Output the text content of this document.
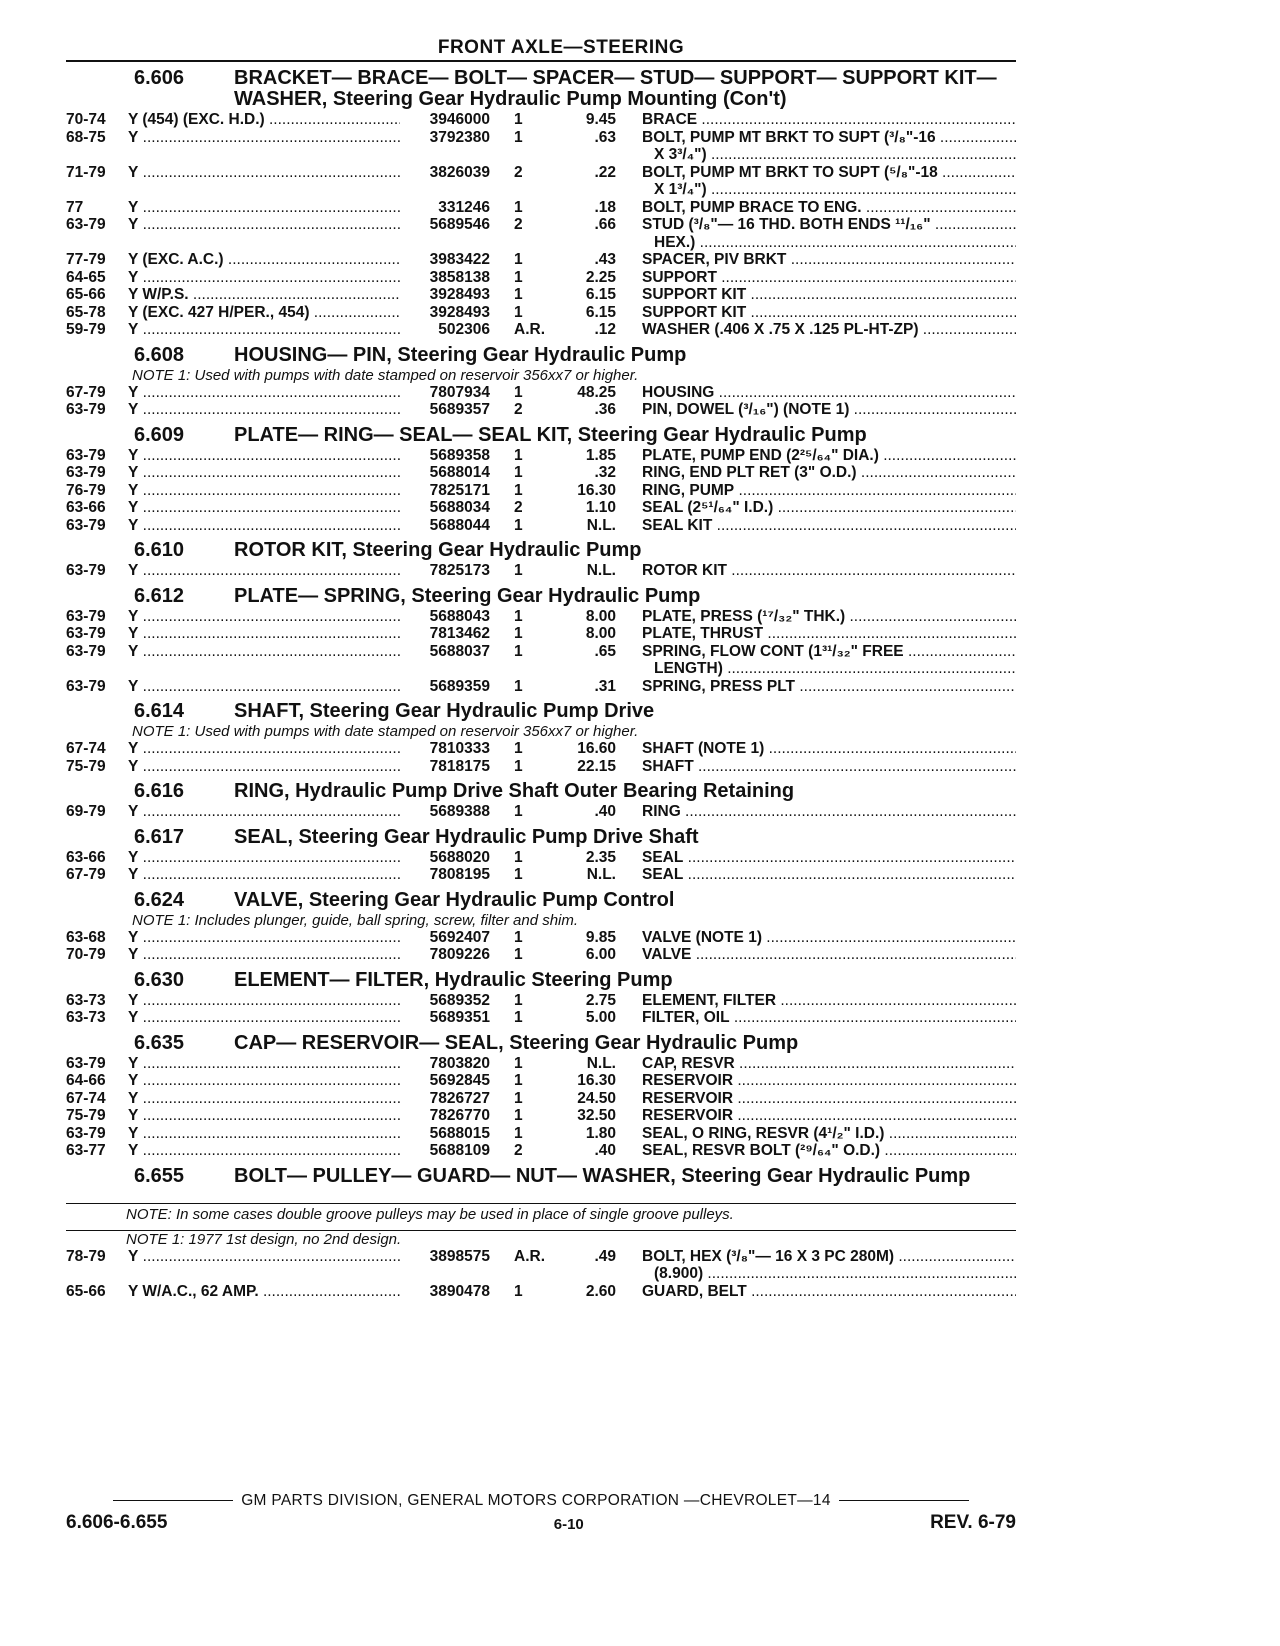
FRONT AXLE—STEERING
6.606	BRACKET— BRACE— BOLT— SPACER— STUD— SUPPORT— SUPPORT KIT— WASHER, Steering Gear Hydraulic Pump Mounting (Con't)
70-74	Y (454) (EXC. H.D.) .....	3946000	1	9.45	BRACE .....
68-75	Y .....	3792380	1	.63	BOLT, PUMP MT BRKT TO SUPT (³/₈"-16 .....
X 3³/₄") .....
71-79	Y .....	3826039	2	.22	BOLT, PUMP MT BRKT TO SUPT (⁵/₈"-18 .....
X 1³/₄") .....
77	Y .....	331246	1	.18	BOLT, PUMP BRACE TO ENG. .....
63-79	Y .....	5689546	2	.66	STUD (³/₈"— 16 THD. BOTH ENDS ¹¹/₁₆" .....
HEX.) .....
77-79	Y (EXC. A.C.) .....	3983422	1	.43	SPACER, PIV BRKT .....
64-65	Y .....	3858138	1	2.25	SUPPORT .....
65-66	Y W/P.S. .....	3928493	1	6.15	SUPPORT KIT .....
65-78	Y (EXC. 427 H/PER., 454) .....	3928493	1	6.15	SUPPORT KIT .....
59-79	Y .....	502306	A.R.	.12	WASHER (.406 X .75 X .125 PL-HT-ZP) .....
6.608	HOUSING— PIN, Steering Gear Hydraulic Pump
NOTE 1: Used with pumps with date stamped on reservoir 356xx7 or higher.
67-79	Y .....	7807934	1	48.25	HOUSING .....
63-79	Y .....	5689357	2	.36	PIN, DOWEL (³/₁₆") (NOTE 1) .....
6.609	PLATE— RING— SEAL— SEAL KIT, Steering Gear Hydraulic Pump
63-79	Y .....	5689358	1	1.85	PLATE, PUMP END (2²⁵/₆₄" DIA.) .....
63-79	Y .....	5688014	1	.32	RING, END PLT RET (3" O.D.) .....
76-79	Y .....	7825171	1	16.30	RING, PUMP .....
63-66	Y .....	5688034	2	1.10	SEAL (2⁵¹/₆₄" I.D.) .....
63-79	Y .....	5688044	1	N.L.	SEAL KIT .....
6.610	ROTOR KIT, Steering Gear Hydraulic Pump
63-79	Y .....	7825173	1	N.L.	ROTOR KIT .....
6.612	PLATE— SPRING, Steering Gear Hydraulic Pump
63-79	Y .....	5688043	1	8.00	PLATE, PRESS (¹⁷/₃₂" THK.) .....
63-79	Y .....	7813462	1	8.00	PLATE, THRUST .....
63-79	Y .....	5688037	1	.65	SPRING, FLOW CONT (1³¹/₃₂" FREE .....
LENGTH) .....
63-79	Y .....	5689359	1	.31	SPRING, PRESS PLT .....
6.614	SHAFT, Steering Gear Hydraulic Pump Drive
NOTE 1: Used with pumps with date stamped on reservoir 356xx7 or higher.
67-74	Y .....	7810333	1	16.60	SHAFT (NOTE 1) .....
75-79	Y .....	7818175	1	22.15	SHAFT .....
6.616	RING, Hydraulic Pump Drive Shaft Outer Bearing Retaining
69-79	Y .....	5689388	1	.40	RING .....
6.617	SEAL, Steering Gear Hydraulic Pump Drive Shaft
63-66	Y .....	5688020	1	2.35	SEAL .....
67-79	Y .....	7808195	1	N.L.	SEAL .....
6.624	VALVE, Steering Gear Hydraulic Pump Control
NOTE 1: Includes plunger, guide, ball spring, screw, filter and shim.
63-68	Y .....	5692407	1	9.85	VALVE (NOTE 1) .....
70-79	Y .....	7809226	1	6.00	VALVE .....
6.630	ELEMENT— FILTER, Hydraulic Steering Pump
63-73	Y .....	5689352	1	2.75	ELEMENT, FILTER .....
63-73	Y .....	5689351	1	5.00	FILTER, OIL .....
6.635	CAP— RESERVOIR— SEAL, Steering Gear Hydraulic Pump
63-79	Y .....	7803820	1	N.L.	CAP, RESVR .....
64-66	Y .....	5692845	1	16.30	RESERVOIR .....
67-74	Y .....	7826727	1	24.50	RESERVOIR .....
75-79	Y .....	7826770	1	32.50	RESERVOIR .....
63-79	Y .....	5688015	1	1.80	SEAL, O RING, RESVR (4¹/₂" I.D.) .....
63-77	Y .....	5688109	2	.40	SEAL, RESVR BOLT (²⁹/₆₄" O.D.) .....
6.655	BOLT— PULLEY— GUARD— NUT— WASHER, Steering Gear Hydraulic Pump
NOTE: In some cases double groove pulleys may be used in place of single groove pulleys.
NOTE 1: 1977 1st design, no 2nd design.
78-79	Y .....	3898575	A.R.	.49	BOLT, HEX (³/₈"— 16 X 3 PC 280M) .....
(8.900) .....
65-66	Y W/A.C., 62 AMP. .....	3890478	1	2.60	GUARD, BELT .....
GM PARTS DIVISION, GENERAL MOTORS CORPORATION —CHEVROLET—14
6.606-6.655	6-10	REV. 6-79
